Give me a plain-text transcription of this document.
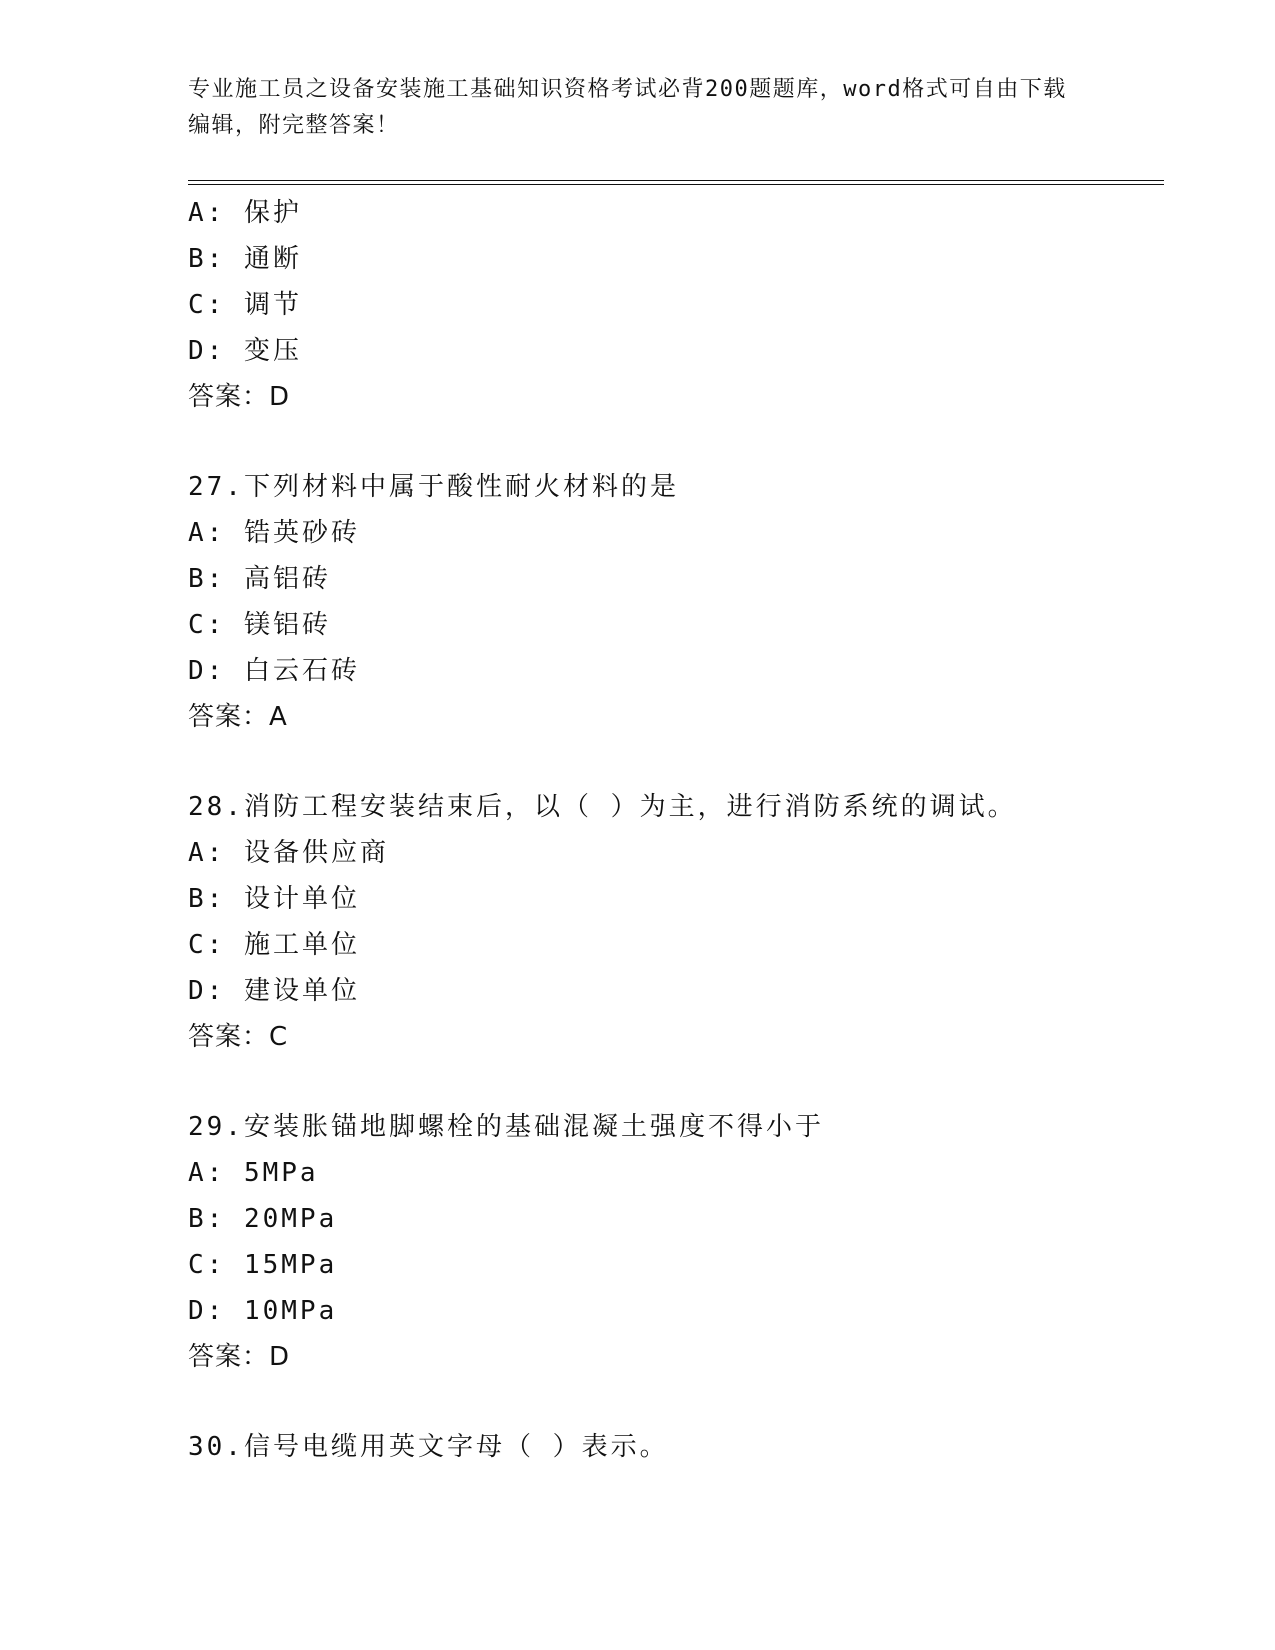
专业施工员之设备安装施工基础知识资格考试必背200题题库，word格式可自由下载编辑，附完整答案！
A: 保护
B: 通断
C: 调节
D: 变压
答案：D
27.下列材料中属于酸性耐火材料的是
A: 锆英砂砖
B: 高铝砖
C: 镁铝砖
D: 白云石砖
答案：A
28.消防工程安装结束后，以（ ）为主，进行消防系统的调试。
A: 设备供应商
B: 设计单位
C: 施工单位
D: 建设单位
答案：C
29.安装胀锚地脚螺栓的基础混凝土强度不得小于
A: 5MPa
B: 20MPa
C: 15MPa
D: 10MPa
答案：D
30.信号电缆用英文字母（ ）表示。
